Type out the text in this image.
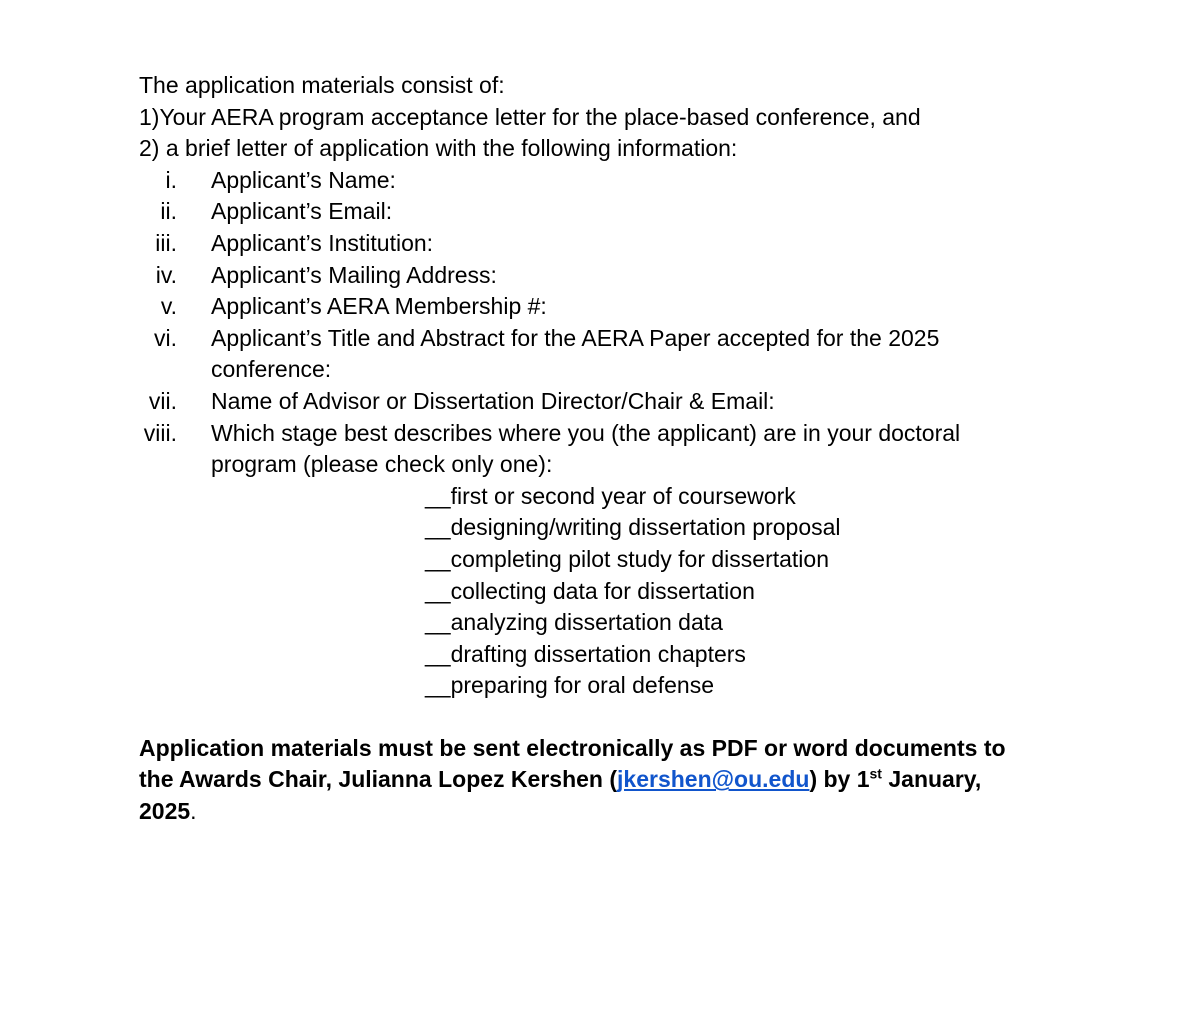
The application materials consist of:

1)Your AERA program acceptance letter for the place-based conference, and

2) a brief letter of application with the following information:

i. Applicant’s Name:
ii. Applicant’s Email:
iii. Applicant’s Institution:
iv. Applicant’s Mailing Address:
v. Applicant’s AERA Membership #:
vi. Applicant’s Title and Abstract for the AERA Paper accepted for the 2025
conference:
vii. Name of Advisor or Dissertation Director/Chair & Email:
viii. Which stage best describes where you (the applicant) are in your doctoral
program (please check only one):
__first or second year of coursework
__designing/writing dissertation proposal
__completing pilot study for dissertation
__collecting data for dissertation
__analyzing dissertation data
__drafting dissertation chapters
__preparing for oral defense

Application materials must be sent electronically as PDF or word documents to

the Awards Chair, Julianna Lopez Kershen (jkershen@ou.edu) by 1st January,

2025.
